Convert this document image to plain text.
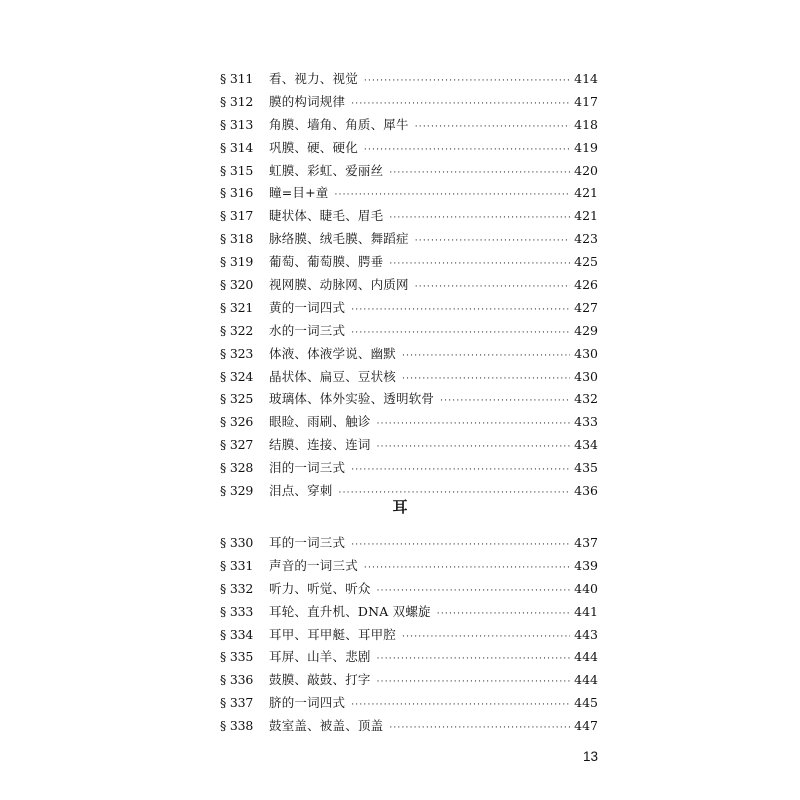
§ 311	看、视力、视觉 ·····	414
§ 312	膜的构词规律 ·····	417
§ 313	角膜、墙角、角质、犀牛 ·····	418
§ 314	巩膜、硬、硬化 ·····	419
§ 315	虹膜、彩虹、爱丽丝 ·····	420
§ 316	瞳=目+童 ·····	421
§ 317	睫状体、睫毛、眉毛 ·····	421
§ 318	脉络膜、绒毛膜、舞蹈症 ·····	423
§ 319	葡萄、葡萄膜、腭垂 ·····	425
§ 320	视网膜、动脉网、内质网 ·····	426
§ 321	黄的一词四式 ·····	427
§ 322	水的一词三式 ·····	429
§ 323	体液、体液学说、幽默 ·····	430
§ 324	晶状体、扁豆、豆状核 ·····	430
§ 325	玻璃体、体外实验、透明软骨 ·····	432
§ 326	眼睑、雨刷、触诊 ·····	433
§ 327	结膜、连接、连词 ·····	434
§ 328	泪的一词三式 ·····	435
§ 329	泪点、穿刺 ·····	436
耳
§ 330	耳的一词三式 ·····	437
§ 331	声音的一词三式 ·····	439
§ 332	听力、听觉、听众 ·····	440
§ 333	耳轮、直升机、DNA 双螺旋 ·····	441
§ 334	耳甲、耳甲艇、耳甲腔 ·····	443
§ 335	耳屏、山羊、悲剧 ·····	444
§ 336	鼓膜、敲鼓、打字 ·····	444
§ 337	脐的一词四式 ·····	445
§ 338	鼓室盖、被盖、顶盖 ·····	447
13
